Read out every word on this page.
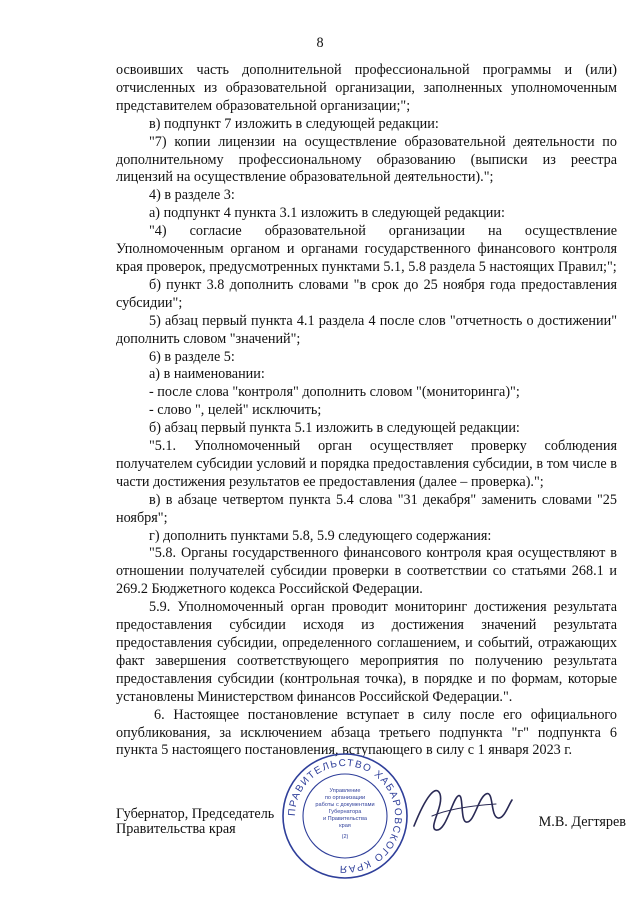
8

освоивших часть дополнительной профессиональной программы и (или) отчисленных из образовательной организации, заполненных уполномоченным представителем образовательной организации;";

в) подпункт 7 изложить в следующей редакции:

"7) копии лицензии на осуществление образовательной деятельности по дополнительному профессиональному образованию (выписки из реестра лицензий на осуществление образовательной деятельности).";

4) в разделе 3:

а) подпункт 4 пункта 3.1 изложить в следующей редакции:

"4) согласие образовательной организации на осуществление Уполномоченным органом и органами государственного финансового контроля края проверок, предусмотренных пунктами 5.1, 5.8 раздела 5 настоящих Правил;";

б) пункт 3.8 дополнить словами "в срок до 25 ноября года предоставления субсидии";

5) абзац первый пункта 4.1 раздела 4 после слов "отчетность о достижении" дополнить словом "значений";

6) в разделе 5:

а) в наименовании:

- после слова "контроля" дополнить словом "(мониторинга)";

- слово ", целей" исключить;

б) абзац первый пункта 5.1 изложить в следующей редакции:

"5.1. Уполномоченный орган осуществляет проверку соблюдения получателем субсидии условий и порядка предоставления субсидии, в том числе в части достижения результатов ее предоставления (далее – проверка).";

в) в абзаце четвертом пункта 5.4 слова "31 декабря" заменить словами "25 ноября";

г) дополнить пунктами 5.8, 5.9 следующего содержания:

"5.8. Органы государственного финансового контроля края осуществляют в отношении получателей субсидии проверки в соответствии со статьями 268.1 и 269.2 Бюджетного кодекса Российской Федерации.

5.9. Уполномоченный орган проводит мониторинг достижения результата предоставления субсидии исходя из достижения значений результата предоставления субсидии, определенного соглашением, и событий, отражающих факт завершения соответствующего мероприятия по получению результата предоставления субсидии (контрольная точка), в порядке и по формам, которые установлены Министерством финансов Российской Федерации.".

6. Настоящее постановление вступает в силу после его официального опубликования, за исключением абзаца третьего подпункта "г" подпункта 6 пункта 5 настоящего постановления, вступающего в силу с 1 января 2023 г.

Губернатор, Председатель
Правительства края
ПРАВИТЕЛЬСТВО ХАБАРОВСКОГО КРАЯ
Управление
по организации
работы с документами
Губернатора
и Правительства
края
(2)
М.В. Дегтярев
